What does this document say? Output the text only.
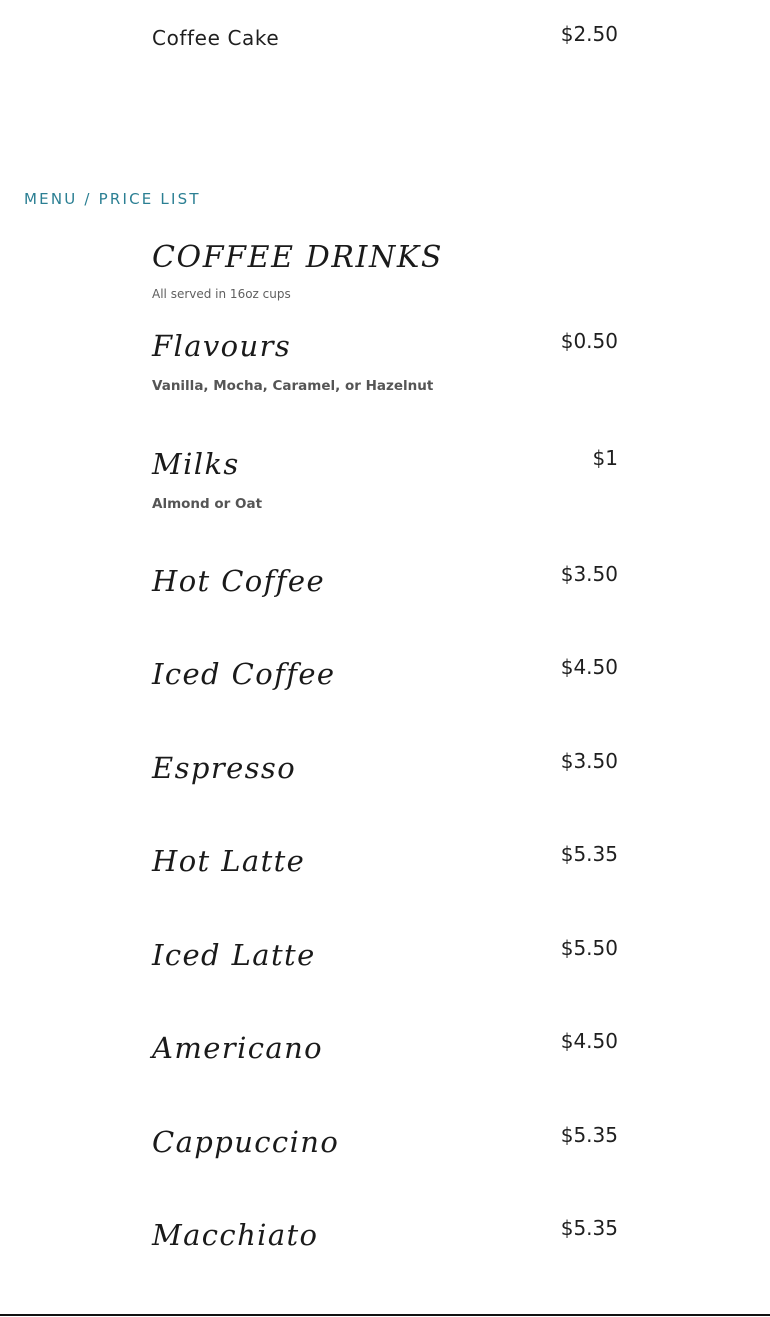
Coffee Cake	$2.50
MENU / PRICE LIST
COFFEE DRINKS
All served in 16oz cups
Flavours	$0.50
Vanilla, Mocha, Caramel, or Hazelnut
Milks	$1
Almond or Oat
Hot Coffee	$3.50
Iced Coffee	$4.50
Espresso	$3.50
Hot Latte	$5.35
Iced Latte	$5.50
Americano	$4.50
Cappuccino	$5.35
Macchiato	$5.35
